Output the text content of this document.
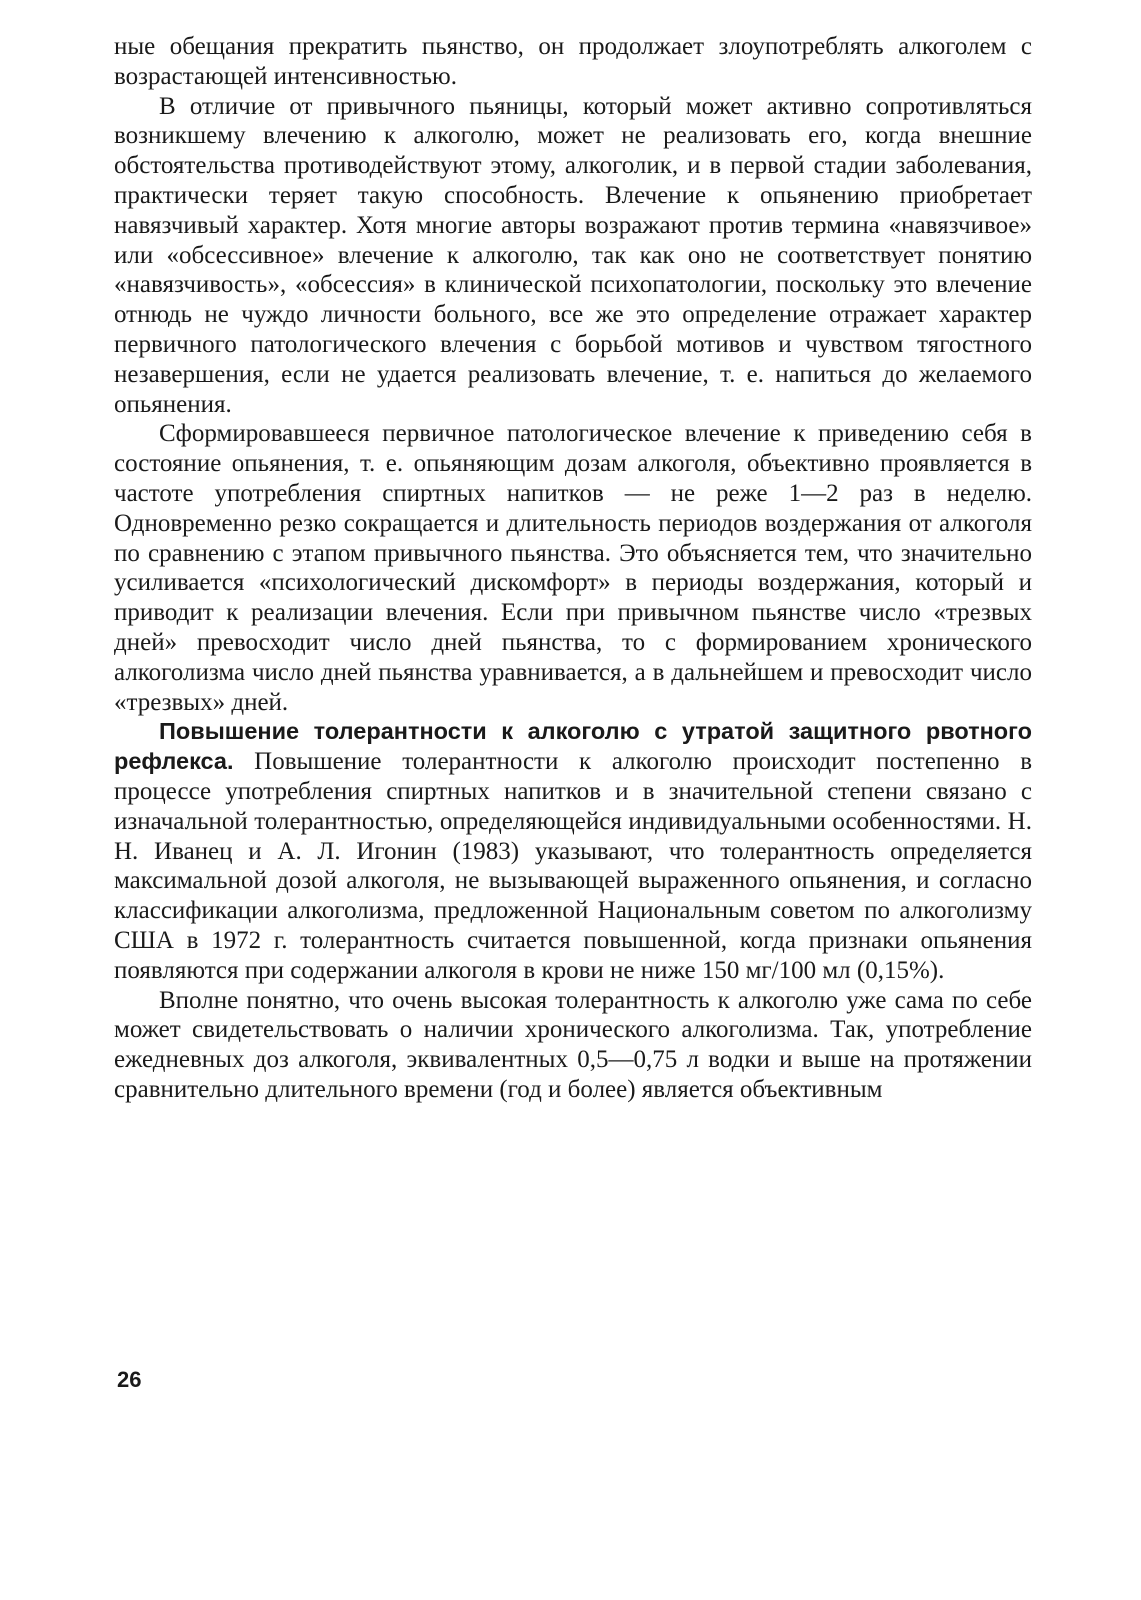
ные обещания прекратить пьянство, он продолжает злоупотреблять алкоголем с возрастающей интенсивностью.

В отличие от привычного пьяницы, который может активно сопротивляться возникшему влечению к алкоголю, может не реализовать его, когда внешние обстоятельства противодействуют этому, алкоголик, и в первой стадии заболевания, практически теряет такую способность. Влечение к опьянению приобретает навязчивый характер. Хотя многие авторы возражают против термина «навязчивое» или «обсессивное» влечение к алкоголю, так как оно не соответствует понятию «навязчивость», «обсессия» в клинической психопатологии, поскольку это влечение отнюдь не чуждо личности больного, все же это определение отражает характер первичного патологического влечения с борьбой мотивов и чувством тягостного незавершения, если не удается реализовать влечение, т. е. напиться до желаемого опьянения.

Сформировавшееся первичное патологическое влечение к приведению себя в состояние опьянения, т. е. опьяняющим дозам алкоголя, объективно проявляется в частоте употребления спиртных напитков — не реже 1—2 раз в неделю. Одновременно резко сокращается и длительность периодов воздержания от алкоголя по сравнению с этапом привычного пьянства. Это объясняется тем, что значительно усиливается «психологический дискомфорт» в периоды воздержания, который и приводит к реализации влечения. Если при привычном пьянстве число «трезвых дней» превосходит число дней пьянства, то с формированием хронического алкоголизма число дней пьянства уравнивается, а в дальнейшем и превосходит число «трезвых» дней.

Повышение толерантности к алкоголю с утратой защитного рвотного рефлекса. Повышение толерантности к алкоголю происходит постепенно в процессе употребления спиртных напитков и в значительной степени связано с изначальной толерантностью, определяющейся индивидуальными особенностями. Н. Н. Иванец и А. Л. Игонин (1983) указывают, что толерантность определяется максимальной дозой алкоголя, не вызывающей выраженного опьянения, и согласно классификации алкоголизма, предложенной Национальным советом по алкоголизму США в 1972 г. толерантность считается повышенной, когда признаки опьянения появляются при содержании алкоголя в крови не ниже 150 мг/100 мл (0,15%).

Вполне понятно, что очень высокая толерантность к алкоголю уже сама по себе может свидетельствовать о наличии хронического алкоголизма. Так, употребление ежедневных доз алкоголя, эквивалентных 0,5—0,75 л водки и выше на протяжении сравнительно длительного времени (год и более) является объективным

26
